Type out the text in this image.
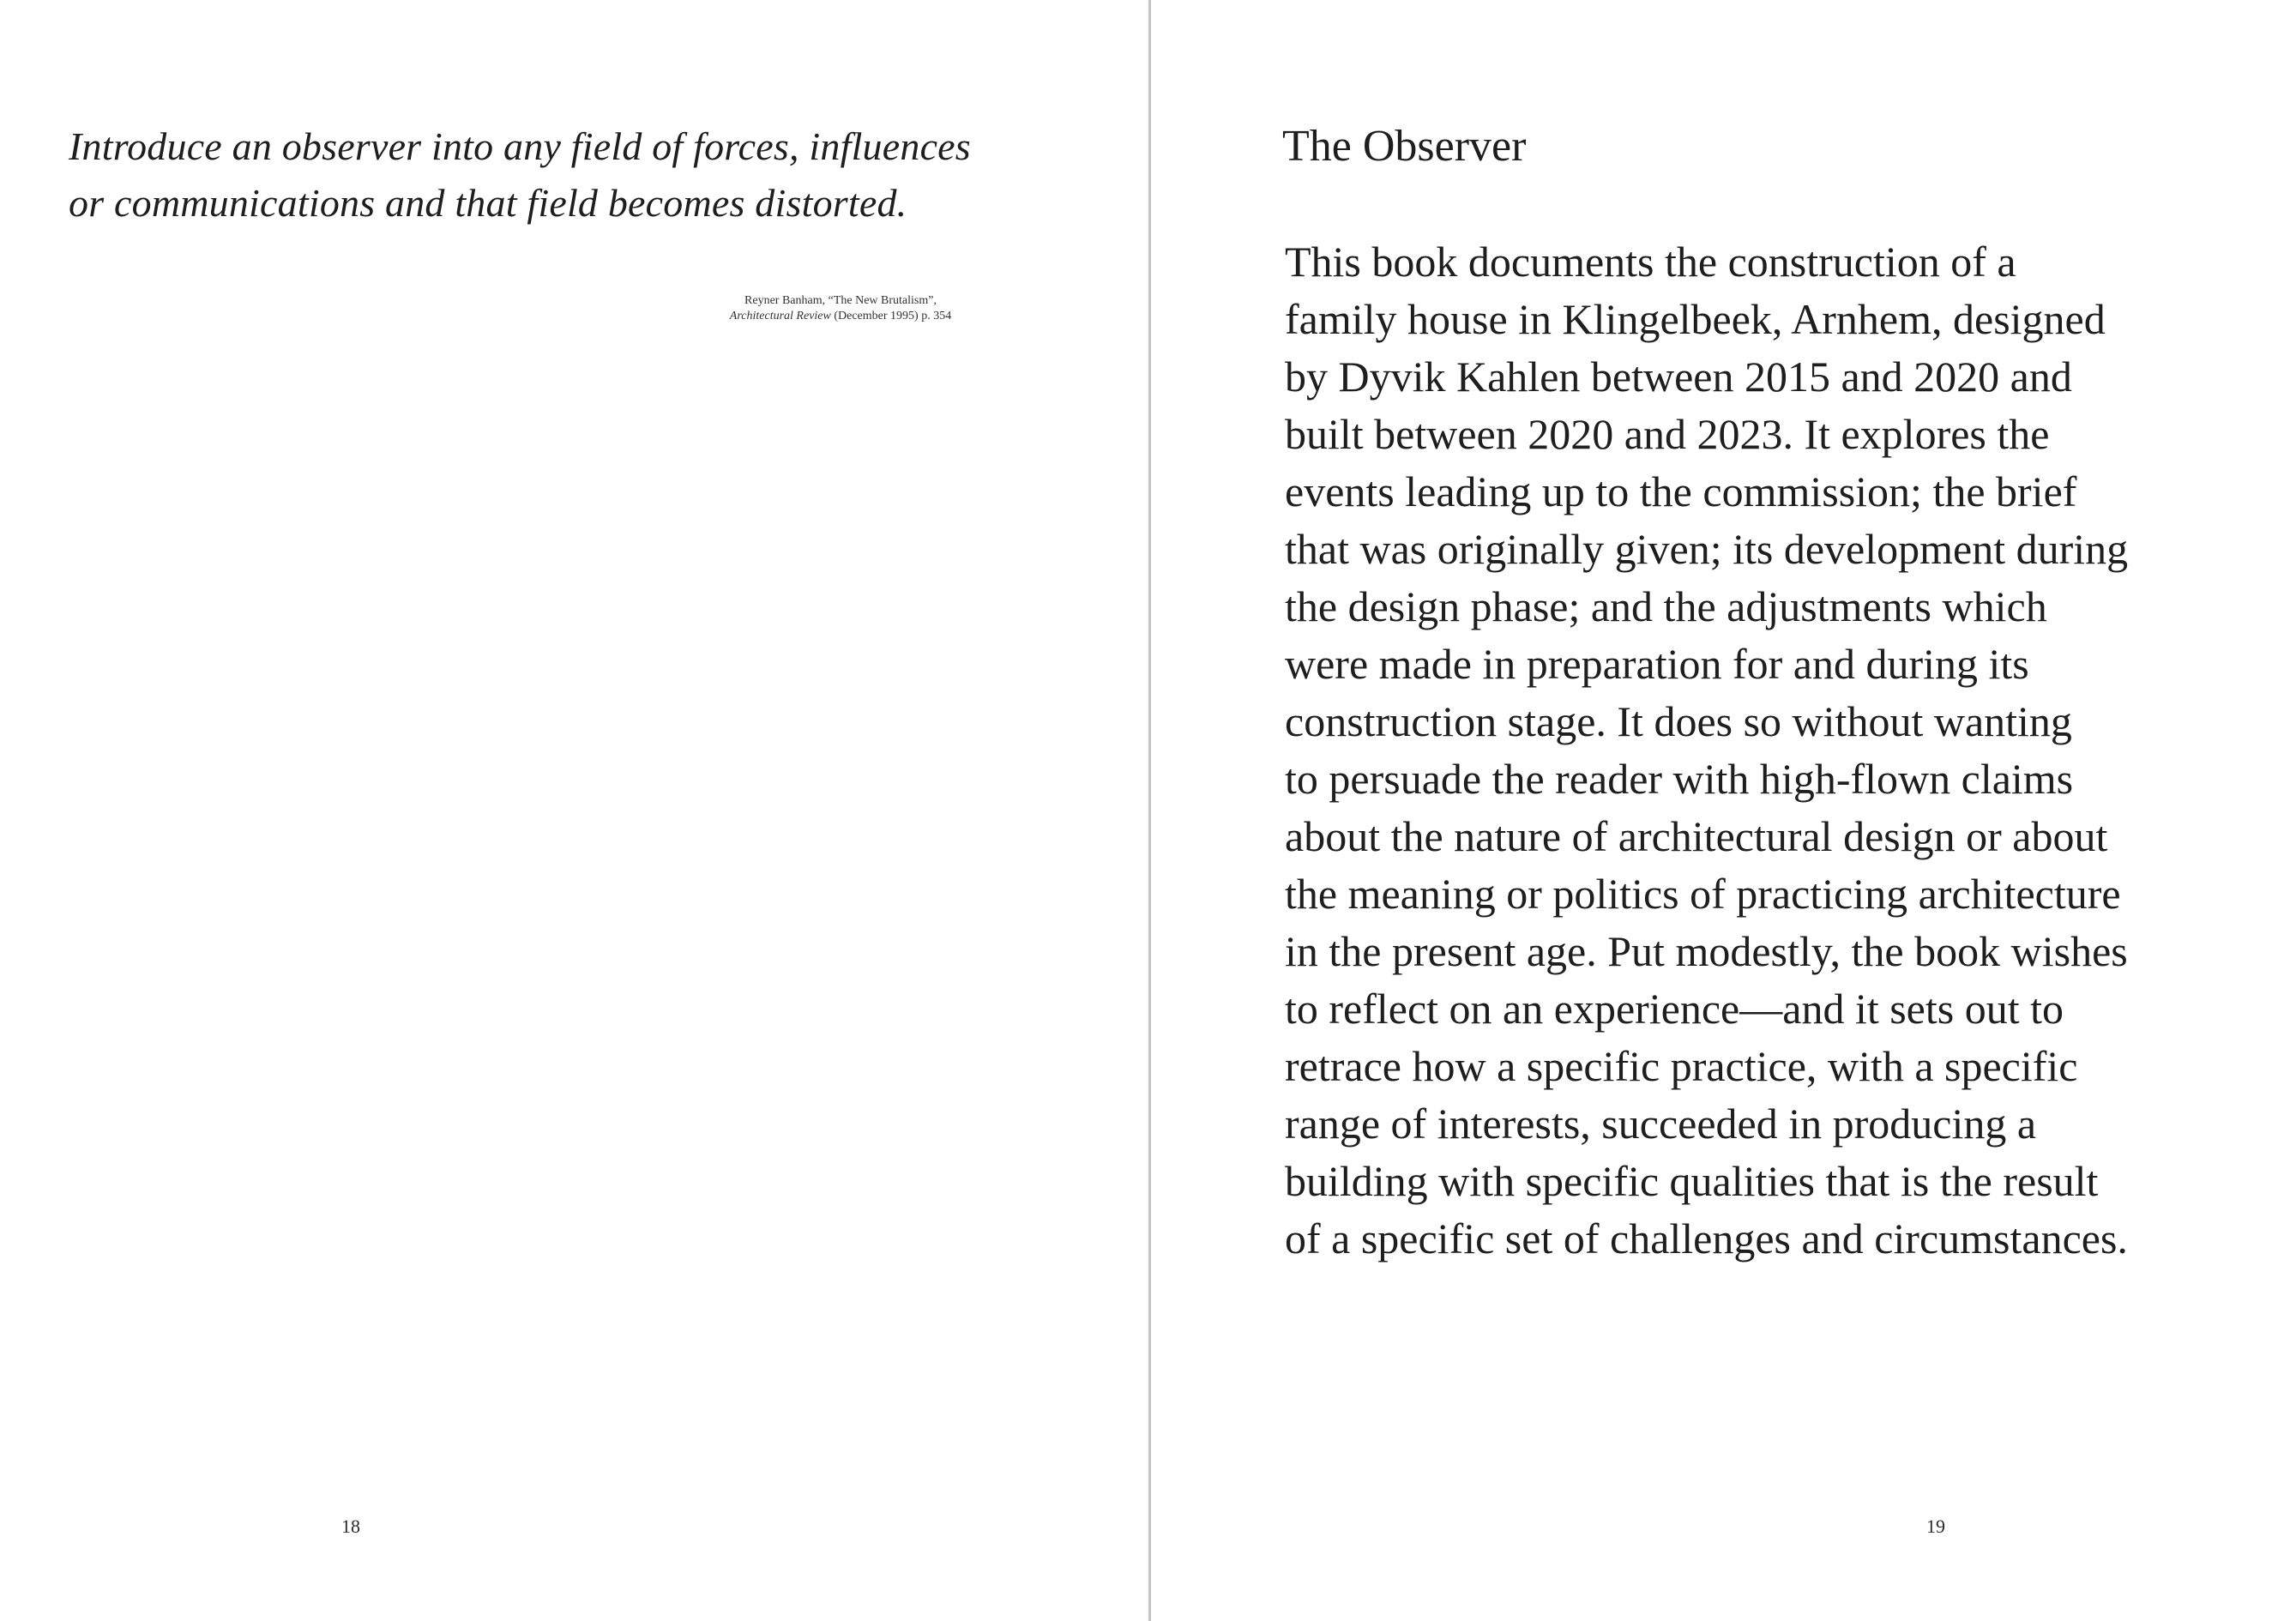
Introduce an observer into any field of forces, influences
or communications and that field becomes distorted.

Reyner Banham, “The New Brutalism”,
Architectural Review (December 1995) p. 354
18
The Observer

This book documents the construction of a
family house in Klingelbeek, Arnhem, designed
by Dyvik Kahlen between 2015 and 2020 and
built between 2020 and 2023. It explores the
events leading up to the commission; the brief
that was originally given; its development during
the design phase; and the adjustments which
were made in preparation for and during its
construction stage. It does so without wanting
to persuade the reader with high-flown claims
about the nature of architectural design or about
the meaning or politics of practicing architecture
in the present age. Put modestly, the book wishes
to reflect on an experience—and it sets out to
retrace how a specific practice, with a specific
range of interests, succeeded in producing a
building with specific qualities that is the result
of a specific set of challenges and circumstances.

19
